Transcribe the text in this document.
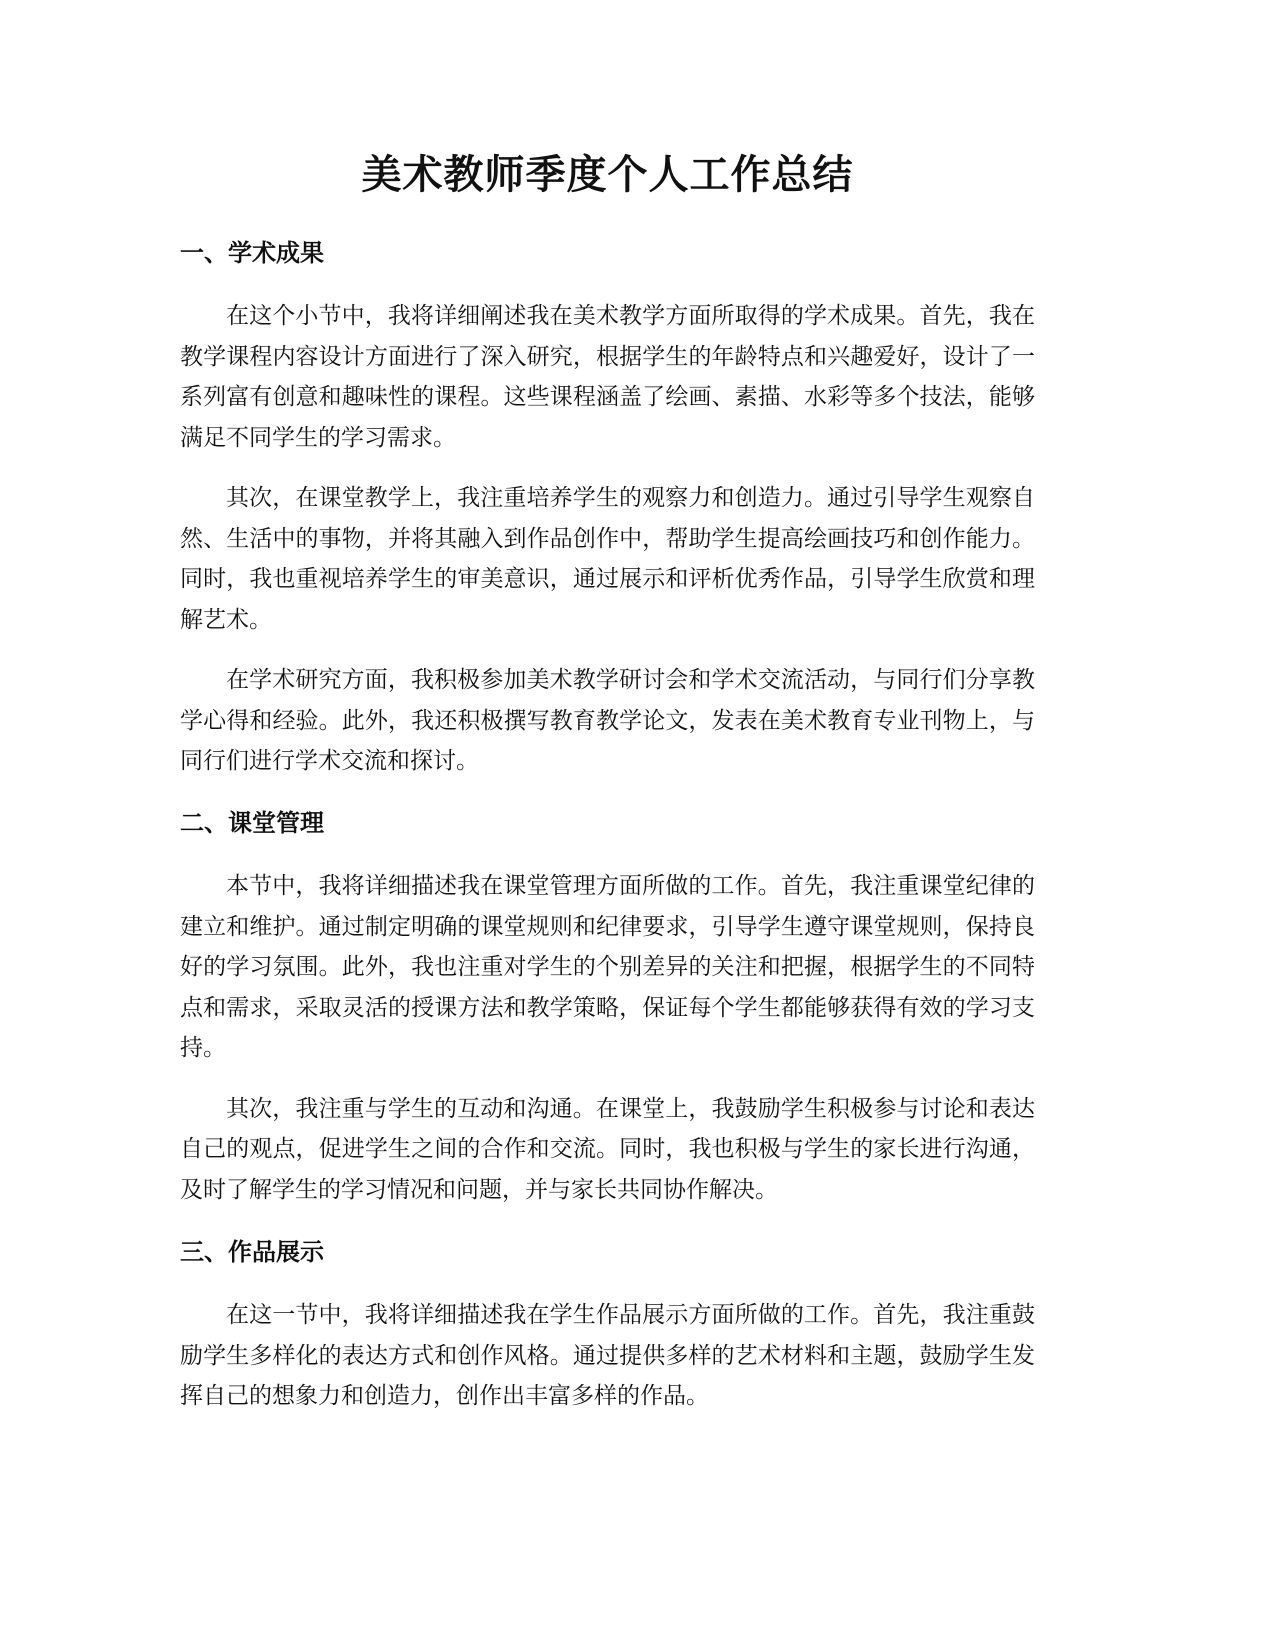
美术教师季度个人工作总结
一、学术成果

在这个小节中，我将详细阐述我在美术教学方面所取得的学术成果。首先，我在教学课程内容设计方面进行了深入研究，根据学生的年龄特点和兴趣爱好，设计了一系列富有创意和趣味性的课程。这些课程涵盖了绘画、素描、水彩等多个技法，能够满足不同学生的学习需求。

其次，在课堂教学上，我注重培养学生的观察力和创造力。通过引导学生观察自然、生活中的事物，并将其融入到作品创作中，帮助学生提高绘画技巧和创作能力。同时，我也重视培养学生的审美意识，通过展示和评析优秀作品，引导学生欣赏和理解艺术。

在学术研究方面，我积极参加美术教学研讨会和学术交流活动，与同行们分享教学心得和经验。此外，我还积极撰写教育教学论文，发表在美术教育专业刊物上，与同行们进行学术交流和探讨。

二、课堂管理

本节中，我将详细描述我在课堂管理方面所做的工作。首先，我注重课堂纪律的建立和维护。通过制定明确的课堂规则和纪律要求，引导学生遵守课堂规则，保持良好的学习氛围。此外，我也注重对学生的个别差异的关注和把握，根据学生的不同特点和需求，采取灵活的授课方法和教学策略，保证每个学生都能够获得有效的学习支持。

其次，我注重与学生的互动和沟通。在课堂上，我鼓励学生积极参与讨论和表达自己的观点，促进学生之间的合作和交流。同时，我也积极与学生的家长进行沟通，及时了解学生的学习情况和问题，并与家长共同协作解决。

三、作品展示

在这一节中，我将详细描述我在学生作品展示方面所做的工作。首先，我注重鼓励学生多样化的表达方式和创作风格。通过提供多样的艺术材料和主题，鼓励学生发挥自己的想象力和创造力，创作出丰富多样的作品。
